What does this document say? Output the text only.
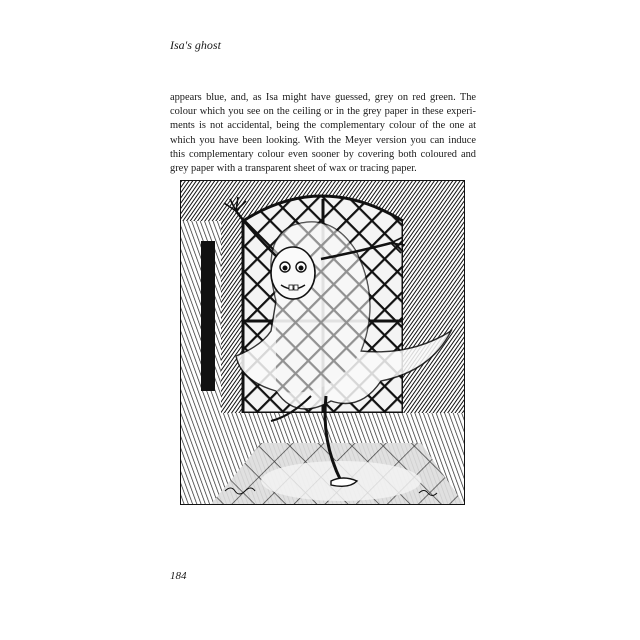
Isa's ghost
appears blue, and, as Isa might have guessed, grey on red green. The
colour which you see on the ceiling or in the grey paper in these experi-
ments is not accidental, being the complementary colour of the one at
which you have been looking. With the Meyer version you can induce
this complementary colour even sooner by covering both coloured and
grey paper with a transparent sheet of wax or tracing paper.
184
